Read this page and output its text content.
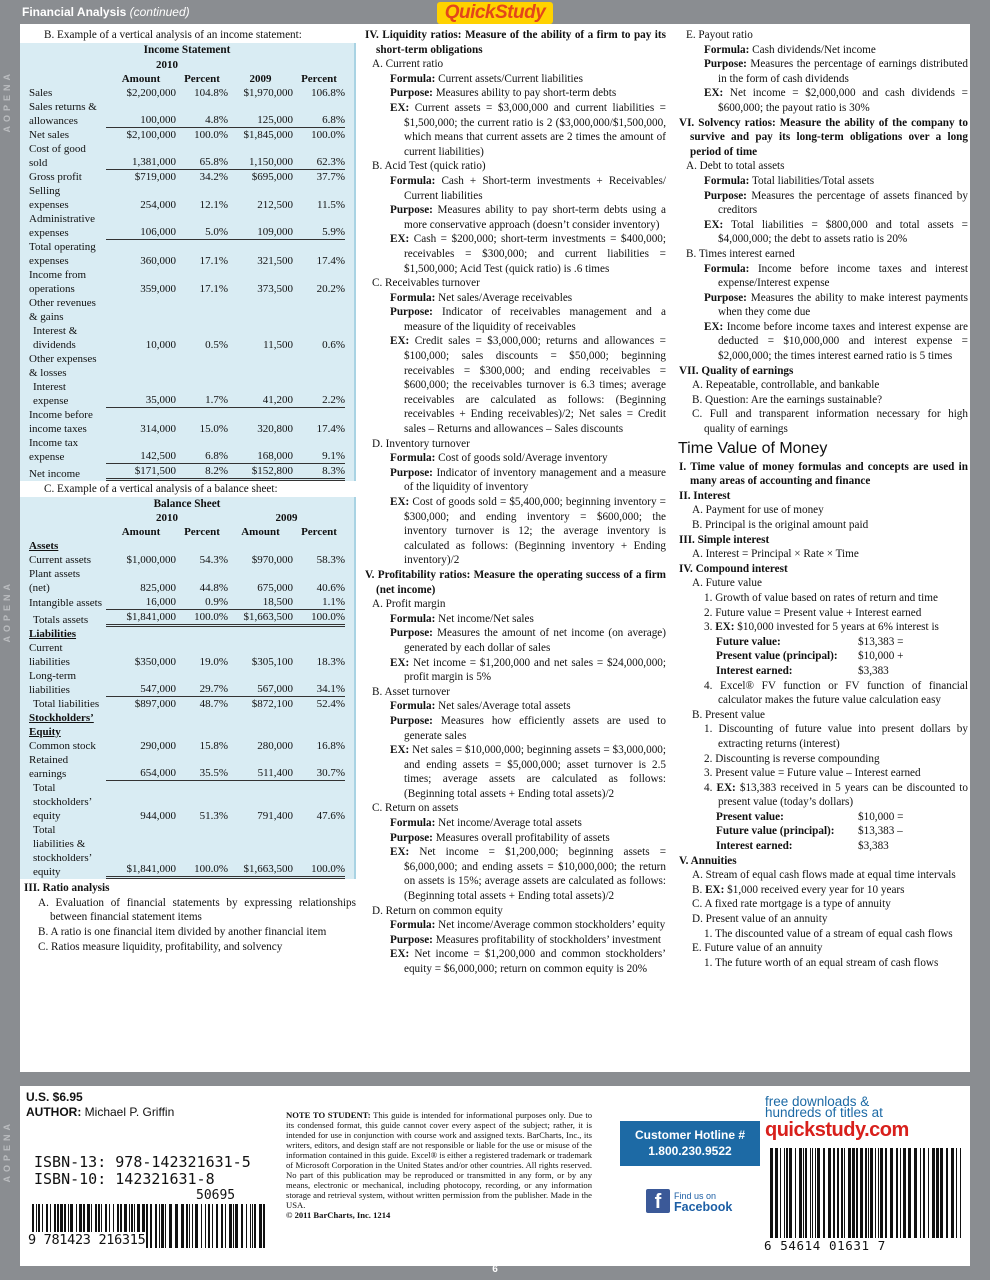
Financial Analysis (continued)	QuickStudy
AOPENA
AOPENA
AOPENA
B. Example of a vertical analysis of an income statement:
Income Statement
2010
Amount	Percent	2009	Percent
Sales	$2,200,000	104.8%	$1,970,000	106.8%
Sales returns &
allowances	100,000	4.8%	125,000	6.8%
Net sales	$2,100,000	100.0%	$1,845,000	100.0%
Cost of good
sold	1,381,000	65.8%	1,150,000	62.3%
Gross profit	$719,000	34.2%	$695,000	37.7%
Selling
expenses	254,000	12.1%	212,500	11.5%
Administrative
expenses	106,000	5.0%	109,000	5.9%
Total operating
expenses	360,000	17.1%	321,500	17.4%
Income from
operations	359,000	17.1%	373,500	20.2%
Other revenues
& gains
Interest &
dividends	10,000	0.5%	11,500	0.6%
Other expenses
& losses
Interest
expense	35,000	1.7%	41,200	2.2%
Income before
income taxes	314,000	15.0%	320,800	17.4%
Income tax
expense	142,500	6.8%	168,000	9.1%
Net income	$171,500	8.2%	$152,800	8.3%
C. Example of a vertical analysis of a balance sheet:
Balance Sheet
2010	2009
Amount	Percent	Amount	Percent
Assets
Current assets	$1,000,000	54.3%	$970,000	58.3%
Plant assets
(net)	825,000	44.8%	675,000	40.6%
Intangible assets	16,000	0.9%	18,500	1.1%
Totals assets	$1,841,000	100.0%	$1,663,500	100.0%
Liabilities
Current
liabilities	$350,000	19.0%	$305,100	18.3%
Long-term
liabilities	547,000	29.7%	567,000	34.1%
Total liabilities	$897,000	48.7%	$872,100	52.4%
Stockholders’
Equity
Common stock	290,000	15.8%	280,000	16.8%
Retained
earnings	654,000	35.5%	511,400	30.7%
Total
stockholders’
equity	944,000	51.3%	791,400	47.6%
Total
liabilities &
stockholders’
equity	$1,841,000	100.0%	$1,663,500	100.0%

III. Ratio analysis

A. Evaluation of financial statements by expressing relationships between financial statement items

B. A ratio is one financial item divided by another financial item

C. Ratios measure liquidity, profitability, and solvency

IV. Liquidity ratios: Measure of the ability of a firm to pay its short-term obligations

A. Current ratio

Formula: Current assets/Current liabilities

Purpose: Measures ability to pay short-term debts

EX: Current assets = $3,000,000 and current liabilities = $1,500,000; the current ratio is 2 ($3,000,000/$1,500,000, which means that current assets are 2 times the amount of current liabilities)

B. Acid Test (quick ratio)

Formula: Cash + Short-term investments + Receivables/ Current liabilities

Purpose: Measures ability to pay short-term debts using a more conservative approach (doesn’t consider inventory)

EX: Cash = $200,000; short-term investments = $400,000; receivables = $300,000; and current liabilities = $1,500,000; Acid Test (quick ratio) is .6 times

C. Receivables turnover

Formula: Net sales/Average receivables

Purpose: Indicator of receivables management and a measure of the liquidity of receivables

EX: Credit sales = $3,000,000; returns and allowances = $100,000; sales discounts = $50,000; beginning receivables = $300,000; and ending receivables = $600,000; the receivables turnover is 6.3 times; average receivables are calculated as follows: (Beginning receivables + Ending receivables)/2; Net sales = Credit sales – Returns and allowances – Sales discounts

D. Inventory turnover

Formula: Cost of goods sold/Average inventory

Purpose: Indicator of inventory management and a measure of the liquidity of inventory

EX: Cost of goods sold = $5,400,000; beginning inventory = $300,000; and ending inventory = $600,000; the inventory turnover is 12; the average inventory is calculated as follows: (Beginning inventory + Ending inventory)/2

V. Profitability ratios: Measure the operating success of a firm (net income)

A. Profit margin

Formula: Net income/Net sales

Purpose: Measures the amount of net income (on average) generated by each dollar of sales

EX: Net income = $1,200,000 and net sales = $24,000,000; profit margin is 5%

B. Asset turnover

Formula: Net sales/Average total assets

Purpose: Measures how efficiently assets are used to generate sales

EX: Net sales = $10,000,000; beginning assets = $3,000,000; and ending assets = $5,000,000; asset turnover is 2.5 times; average assets are calculated as follows: (Beginning total assets + Ending total assets)/2

C. Return on assets

Formula: Net income/Average total assets

Purpose: Measures overall profitability of assets

EX: Net income = $1,200,000; beginning assets = $6,000,000; and ending assets = $10,000,000; the return on assets is 15%; average assets are calculated as follows: (Beginning total assets + Ending total assets)/2

D. Return on common equity

Formula: Net income/Average common stockholders’ equity

Purpose: Measures profitability of stockholders’ investment

EX: Net income = $1,200,000 and common stockholders’ equity = $6,000,000; return on common equity is 20%

E. Payout ratio

Formula: Cash dividends/Net income

Purpose: Measures the percentage of earnings distributed in the form of cash dividends

EX: Net income = $2,000,000 and cash dividends = $600,000; the payout ratio is 30%

VI. Solvency ratios: Measure the ability of the company to survive and pay its long-term obligations over a long period of time

A. Debt to total assets

Formula: Total liabilities/Total assets

Purpose: Measures the percentage of assets financed by creditors

EX: Total liabilities = $800,000 and total assets = $4,000,000; the debt to assets ratio is 20%

B. Times interest earned

Formula: Income before income taxes and interest expense/Interest expense

Purpose: Measures the ability to make interest payments when they come due

EX: Income before income taxes and interest expense are deducted = $10,000,000 and interest expense = $2,000,000; the times interest earned ratio is 5 times

VII. Quality of earnings

A. Repeatable, controllable, and bankable

B. Question: Are the earnings sustainable?

C. Full and transparent information necessary for high quality of earnings

Time Value of Money

I. Time value of money formulas and concepts are used in many areas of accounting and finance

II. Interest

A. Payment for use of money

B. Principal is the original amount paid

III. Simple interest

A. Interest = Principal × Rate × Time

IV. Compound interest

A. Future value

1. Growth of value based on rates of return and time

2. Future value = Present value + Interest earned

3. EX: $10,000 invested for 5 years at 6% interest is

Future value:	$13,383 =
Present value (principal):	$10,000 +
Interest earned:	$3,383

4. Excel® FV function or FV function of financial calculator makes the future value calculation easy

B. Present value

1. Discounting of future value into present dollars by extracting returns (interest)

2. Discounting is reverse compounding

3. Present value = Future value – Interest earned

4. EX: $13,383 received in 5 years can be discounted to present value (today’s dollars)

Present value:	$10,000 =
Future value (principal):	$13,383 –
Interest earned:	$3,383

V. Annuities

A. Stream of equal cash flows made at equal time intervals

B. EX: $1,000 received every year for 10 years

C. A fixed rate mortgage is a type of annuity

D. Present value of an annuity

1. The discounted value of a stream of equal cash flows

E. Future value of an annuity

1. The future worth of an equal stream of cash flows

U.S. $6.95
AUTHOR: Michael P. Griffin
ISBN-13: 978-142321631-5
ISBN-10: 142321631-8
50695
9 781423 216315
NOTE TO STUDENT: This guide is intended for informational purposes only. Due to its condensed format, this guide cannot cover every aspect of the subject; rather, it is intended for use in conjunction with course work and assigned texts. BarCharts, Inc., its writers, editors, and design staff are not responsible or liable for the use or misuse of the information contained in this guide. Excel® is either a registered trademark or trademark of Microsoft Corporation in the United States and/or other countries. All rights reserved. No part of this publication may be reproduced or transmitted in any form, or by any means, electronic or mechanical, including photocopy, recording, or any information storage and retrieval system, without written permission from the publisher. Made in the USA.
© 2011 BarCharts, Inc. 1214
Customer Hotline #
1.800.230.9522
f	Find us on
Facebook
free downloads &
hundreds of titles at
quickstudy.com
6 54614 01631 7
6
